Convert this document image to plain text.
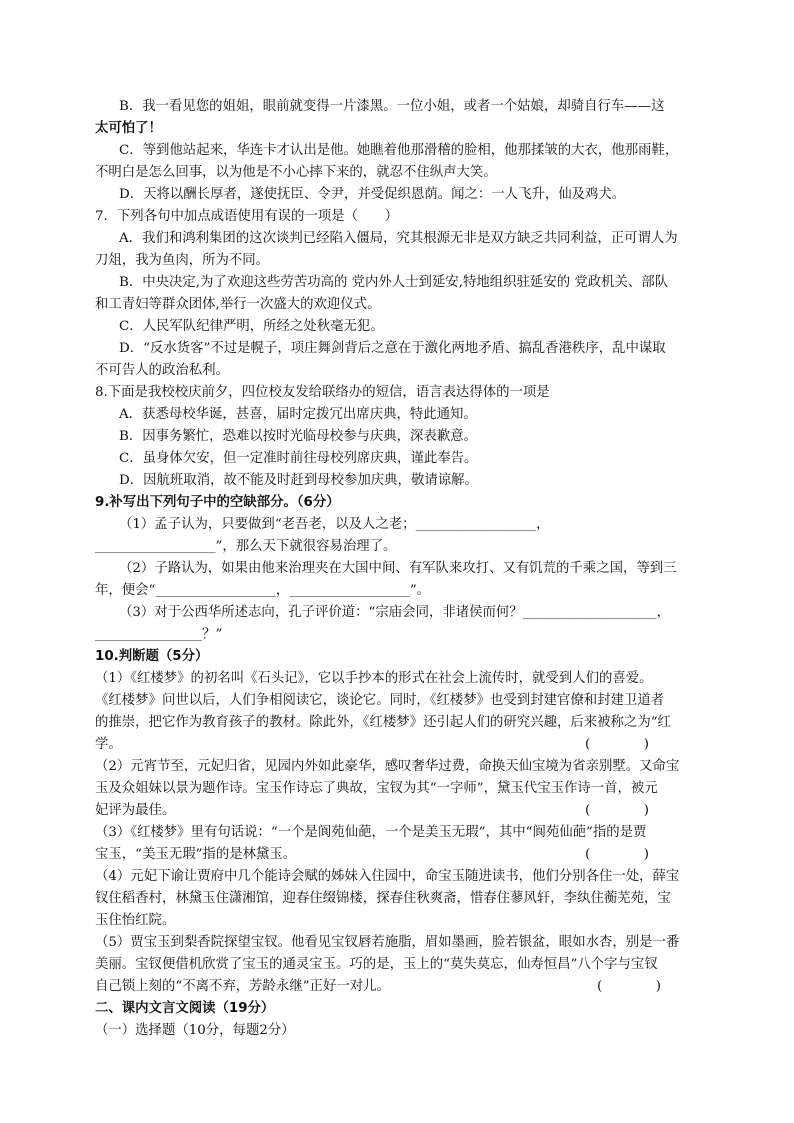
B．我一看见您的姐姐，眼前就变得一片漆黑。一位小姐，或者一个姑娘，却骑自行车——这
太可怕了！
C．等到他站起来，华连卡才认出是他。她瞧着他那滑稽的脸相，他那揉皱的大衣，他那雨鞋，
不明白是怎么回事，以为他是不小心摔下来的，就忍不住纵声大笑。
D．天将以酬长厚者，遂使抚臣、令尹，并受促织恩荫。闻之：一人飞升，仙及鸡犬。
7．下列各句中加点成语使用有误的一项是（　　）
A．我们和鸿利集团的这次谈判已经陷入僵局，究其根源无非是双方缺乏共同利益，正可谓人为
刀俎，我为鱼肉，所为不同。
B．中央决定,为了欢迎这些劳苦功高的 党内外人士到延安,特地组织驻延安的 党政机关、部队
和工青妇等群众团体,举行一次盛大的欢迎仪式。
C．人民军队纪律严明，所经之处秋毫无犯。
D．“反水货客”不过是幌子，项庄舞剑背后之意在于激化两地矛盾、搞乱香港秩序，乱中谋取
不可告人的政治私利。
8.下面是我校校庆前夕，四位校友发给联络办的短信，语言表达得体的一项是
A．获悉母校华诞，甚喜，届时定拨冗出席庆典，特此通知。
B．因事务繁忙，恐难以按时光临母校参与庆典，深表歉意。
C．虽身体欠安，但一定准时前往母校列席庆典，谨此奉告。
D．因航班取消，故不能及时赶到母校参加庆典，敬请谅解。
9.补写出下列句子中的空缺部分。（6分）
（1）孟子认为，只要做到“老吾老，以及人之老；__________________，
__________________”，那么天下就很容易治理了。
（2）子路认为，如果由他来治理夹在大国中间、有军队来攻打、又有饥荒的千乘之国，等到三
年，便会“__________________，__________________”。
（3）对于公西华所述志向，孔子评价道：“宗庙会同，非诸侯而何？____________________，
________________？”
10.判断题（5分）
（1）《红楼梦》的初名叫《石头记》，它以手抄本的形式在社会上流传时，就受到人们的喜爱。
《红楼梦》问世以后，人们争相阅读它，谈论它。同时，《红楼梦》也受到封建官僚和封建卫道者
的推崇，把它作为教育孩子的教材。除此外，《红楼梦》还引起人们的研究兴趣，后来被称之为“红
学。	(　　　　)
（2）元宵节至，元妃归省，见园内外如此豪华，感叹奢华过费，命换天仙宝境为省亲别墅。又命宝
玉及众姐妹以景为题作诗。宝玉作诗忘了典故，宝钗为其“一字师”，黛玉代宝玉作诗一首，被元
妃评为最佳。	(　　　　)
（3）《红楼梦》里有句话说：“一个是阆苑仙葩，一个是美玉无瑕”，其中“阆苑仙葩”指的是贾
宝玉，“美玉无瑕”指的是林黛玉。	(　　　　)
（4）元妃下谕让贾府中几个能诗会赋的姊妹入住园中，命宝玉随进读书，他们分别各住一处，薛宝
钗住稻香村，林黛玉住潇湘馆，迎春住缀锦楼，探春住秋爽斋，惜春住蓼风轩，李纨住蘅芜苑，宝
玉住怡红院。
（5）贾宝玉到梨香院探望宝钗。他看见宝钗唇若施脂，眉如墨画，脸若银盆，眼如水杏，别是一番
美丽。宝钗便借机欣赏了宝玉的通灵宝玉。巧的是，玉上的“莫失莫忘，仙寿恒昌”八个字与宝钗
自己锁上刻的“不离不弃，芳龄永继”正好一对儿。	(　　　　)
二、课内文言文阅读（19分）
（一）选择题（10分，每题2分）
